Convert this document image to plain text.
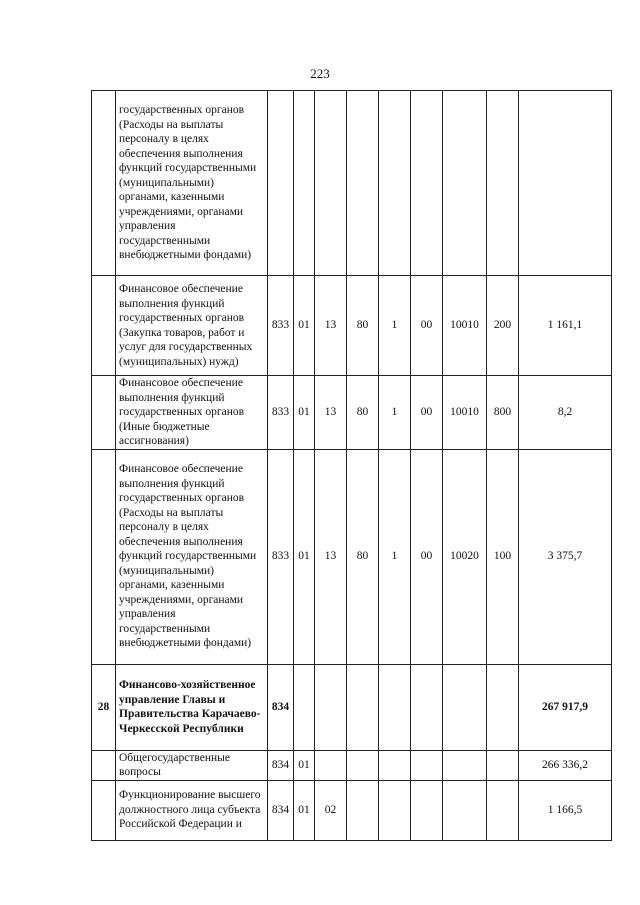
223
	государственных органов (Расходы на выплаты персоналу в целях обеспечения выполнения функций государственными (муниципальными) органами, казенными учреждениями, органами управления государственными внебюджетными фондами)									
	Финансовое обеспечение выполнения функций государственных органов (Закупка товаров, работ и услуг для государственных (муниципальных) нужд)	833	01	13	80	1	00	10010	200	1 161,1
	Финансовое обеспечение выполнения функций государственных органов (Иные бюджетные ассигнования)	833	01	13	80	1	00	10010	800	8,2
	Финансовое обеспечение выполнения функций государственных органов (Расходы на выплаты персоналу в целях обеспечения выполнения функций государственными (муниципальными) органами, казенными учреждениями, органами управления государственными внебюджетными фондами)	833	01	13	80	1	00	10020	100	3 375,7
28	Финансово-хозяйственное управление Главы и Правительства Карачаево-Черкесской Республики	834								267 917,9
	Общегосударственные вопросы	834	01							266 336,2
	Функционирование высшего должностного лица субъекта Российской Федерации и	834	01	02						1 166,5
